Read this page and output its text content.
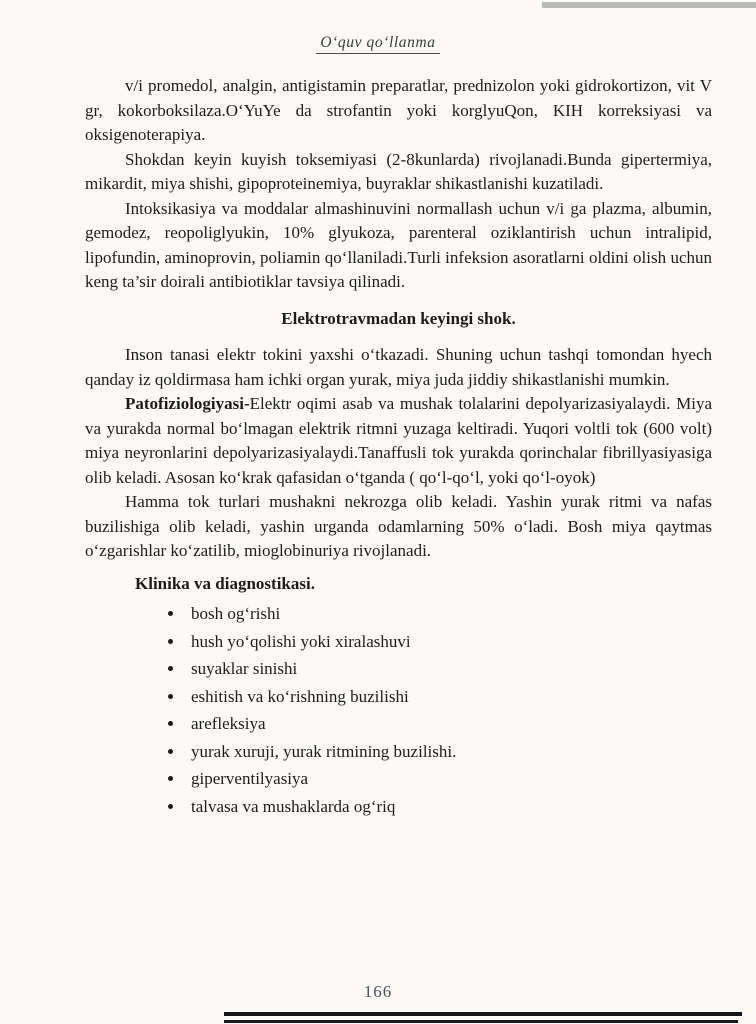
O‘quv qo‘llanma

v/i promedol, analgin, antigistamin preparatlar, prednizolon yoki gidrokortizon, vit V gr, kokorboksilaza.O‘YuYe da strofantin yoki korglyuQon, KIH korreksiyasi va oksigenoterapiya.

Shokdan keyin kuyish toksemiyasi (2-8kunlarda) rivojlanadi.Bunda gipertermiya, mikardit, miya shishi, gipoproteinemiya, buyraklar shikastlanishi kuzatiladi.

Intoksikasiya va moddalar almashinuvini normallash uchun v/i ga plazma, albumin, gemodez, reopoliglyukin, 10% glyukoza, parenteral oziklantirish uchun intralipid, lipofundin, aminoprovin, poliamin qo‘llaniladi.Turli infeksion asoratlarni oldini olish uchun keng ta’sir doirali antibiotiklar tavsiya qilinadi.

Elektrotravmadan keyingi shok.

Inson tanasi elektr tokini yaxshi o‘tkazadi. Shuning uchun tashqi tomondan hyech qanday iz qoldirmasa ham ichki organ yurak, miya juda jiddiy shikastlanishi mumkin.

Patofiziologiyasi-Elektr oqimi asab va mushak tolalarini depolyarizasiyalaydi. Miya va yurakda normal bo‘lmagan elektrik ritmni yuzaga keltiradi. Yuqori voltli tok (600 volt) miya neyronlarini depolyarizasiyalaydi.Tanaffusli tok yurakda qorinchalar fibrillyasiyasiga olib keladi. Asosan ko‘krak qafasidan o‘tganda ( qo‘l-qo‘l, yoki qo‘l-oyok)

Hamma tok turlari mushakni nekrozga olib keladi. Yashin yurak ritmi va nafas buzilishiga olib keladi, yashin urganda odamlarning 50% o‘ladi. Bosh miya qaytmas o‘zgarishlar ko‘zatilib, mioglobinuriya rivojlanadi.

Klinika va diagnostikasi.

• bosh og‘rishi
• hush yo‘qolishi yoki xiralashuvi
• suyaklar sinishi
• eshitish va ko‘rishning buzilishi
• arefleksiya
• yurak xuruji, yurak ritmining buzilishi.
• giperventilyasiya
• talvasa va mushaklarda og‘riq
166
